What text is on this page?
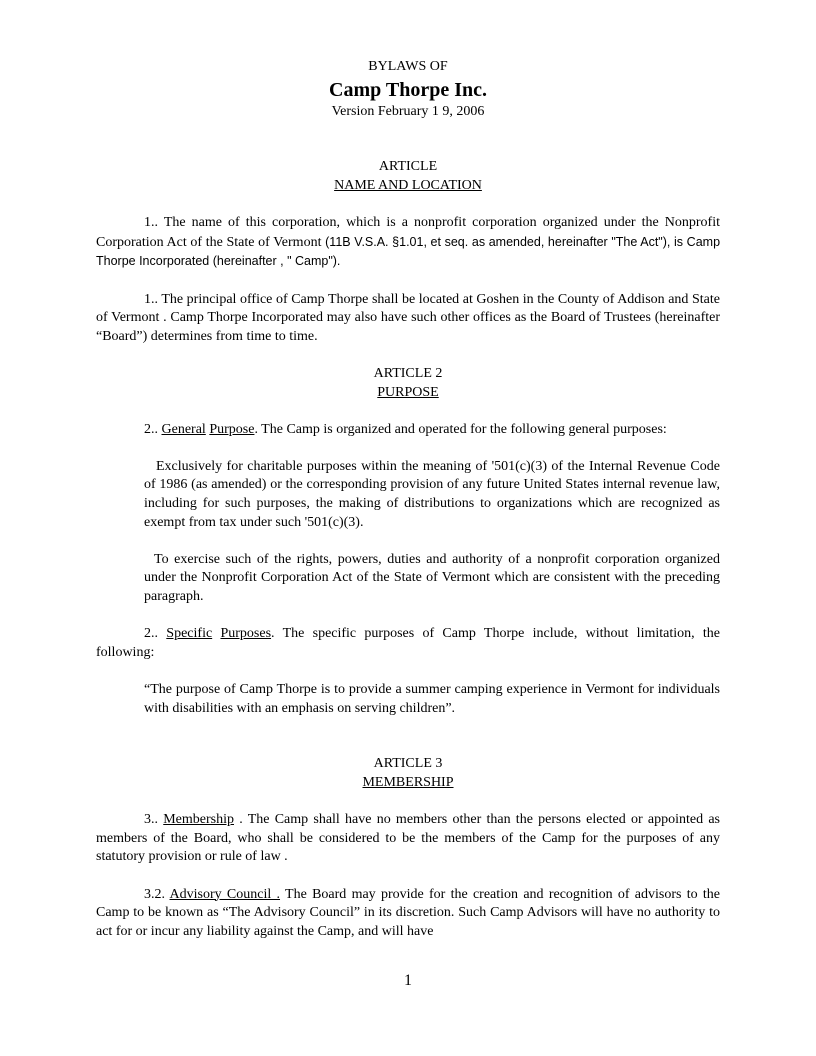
BYLAWS OF
Camp Thorpe Inc.
Version February 1 9, 2006
ARTICLE
NAME AND LOCATION

1.. The name of this corporation, which is a nonprofit corporation organized under the Nonprofit Corporation Act of the State of Vermont (11B V.S.A. §1.01, et seq. as amended, hereinafter "The Act"), is Camp Thorpe Incorporated (hereinafter , " Camp").

1.. The principal office of Camp Thorpe shall be located at Goshen in the County of Addison and State of Vermont . Camp Thorpe Incorporated may also have such other offices as the Board of Trustees (hereinafter “Board”) determines from time to time.

ARTICLE 2
PURPOSE

2.. General Purpose. The Camp is organized and operated for the following general purposes:

Exclusively for charitable purposes within the meaning of '501(c)(3) of the Internal Revenue Code of 1986 (as amended) or the corresponding provision of any future United States internal revenue law, including for such purposes, the making of distributions to organizations which are recognized as exempt from tax under such '501(c)(3).

To exercise such of the rights, powers, duties and authority of a nonprofit corporation organized under the Nonprofit Corporation Act of the State of Vermont which are consistent with the preceding paragraph.

2.. Specific Purposes. The specific purposes of Camp Thorpe include, without limitation, the following:

“The purpose of Camp Thorpe is to provide a summer camping experience in Vermont for individuals with disabilities with an emphasis on serving children”.

ARTICLE 3
MEMBERSHIP

3.. Membership . The Camp shall have no members other than the persons elected or appointed as members of the Board, who shall be considered to be the members of the Camp for the purposes of any statutory provision or rule of law .

3.2. Advisory Council . The Board may provide for the creation and recognition of advisors to the Camp to be known as “The Advisory Council” in its discretion. Such Camp Advisors will have no authority to act for or incur any liability against the Camp, and will have

1
